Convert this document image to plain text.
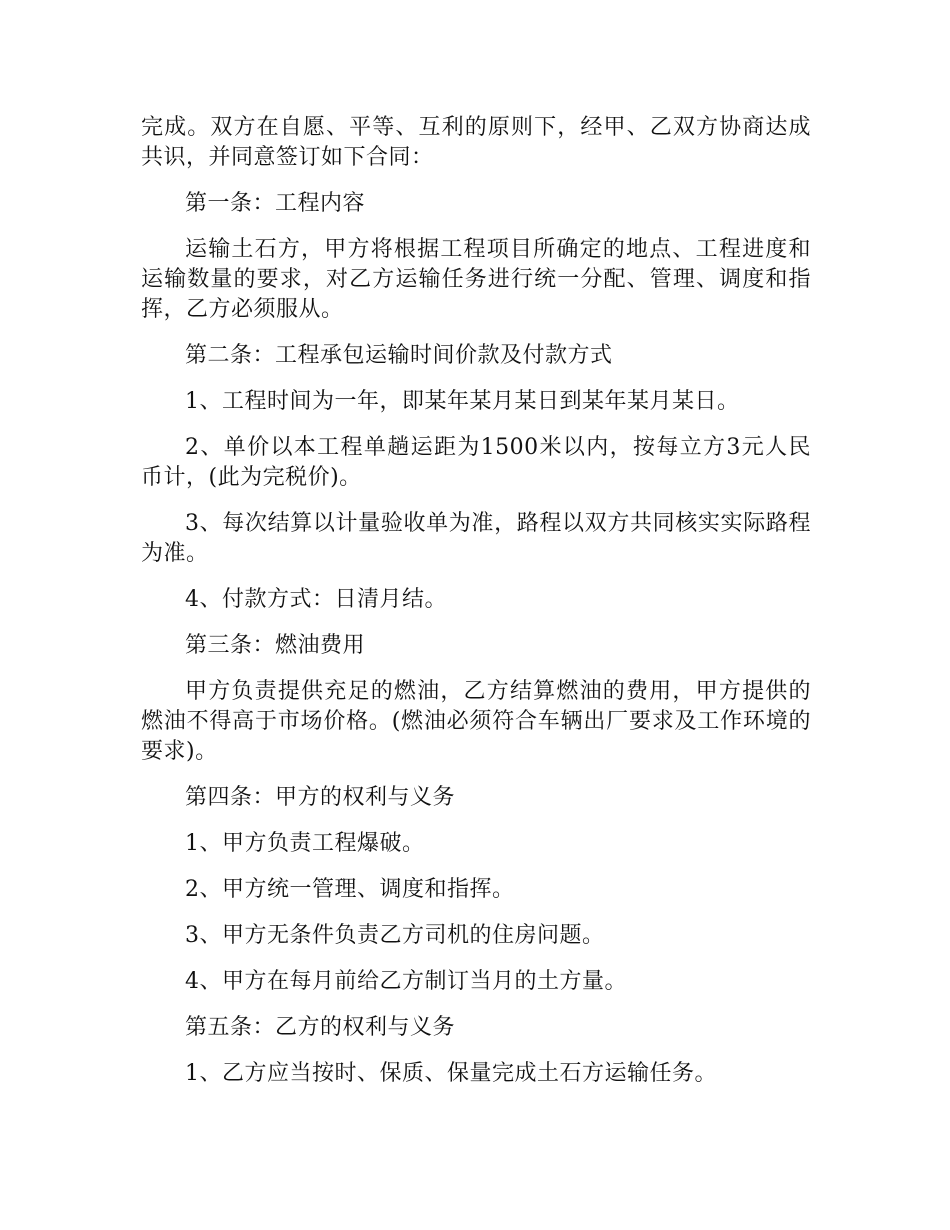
完成。双方在自愿、平等、互利的原则下，经甲、乙双方协商达成共识，并同意签订如下合同：

第一条：工程内容

运输土石方，甲方将根据工程项目所确定的地点、工程进度和运输数量的要求，对乙方运输任务进行统一分配、管理、调度和指挥，乙方必须服从。

第二条：工程承包运输时间价款及付款方式

1、工程时间为一年，即某年某月某日到某年某月某日。

2、单价以本工程单趟运距为1500米以内，按每立方3元人民币计，(此为完税价)。

3、每次结算以计量验收单为准，路程以双方共同核实实际路程为准。

4、付款方式：日清月结。

第三条：燃油费用

甲方负责提供充足的燃油，乙方结算燃油的费用，甲方提供的燃油不得高于市场价格。(燃油必须符合车辆出厂要求及工作环境的要求)。

第四条：甲方的权利与义务

1、甲方负责工程爆破。

2、甲方统一管理、调度和指挥。

3、甲方无条件负责乙方司机的住房问题。

4、甲方在每月前给乙方制订当月的土方量。

第五条：乙方的权利与义务

1、乙方应当按时、保质、保量完成土石方运输任务。
